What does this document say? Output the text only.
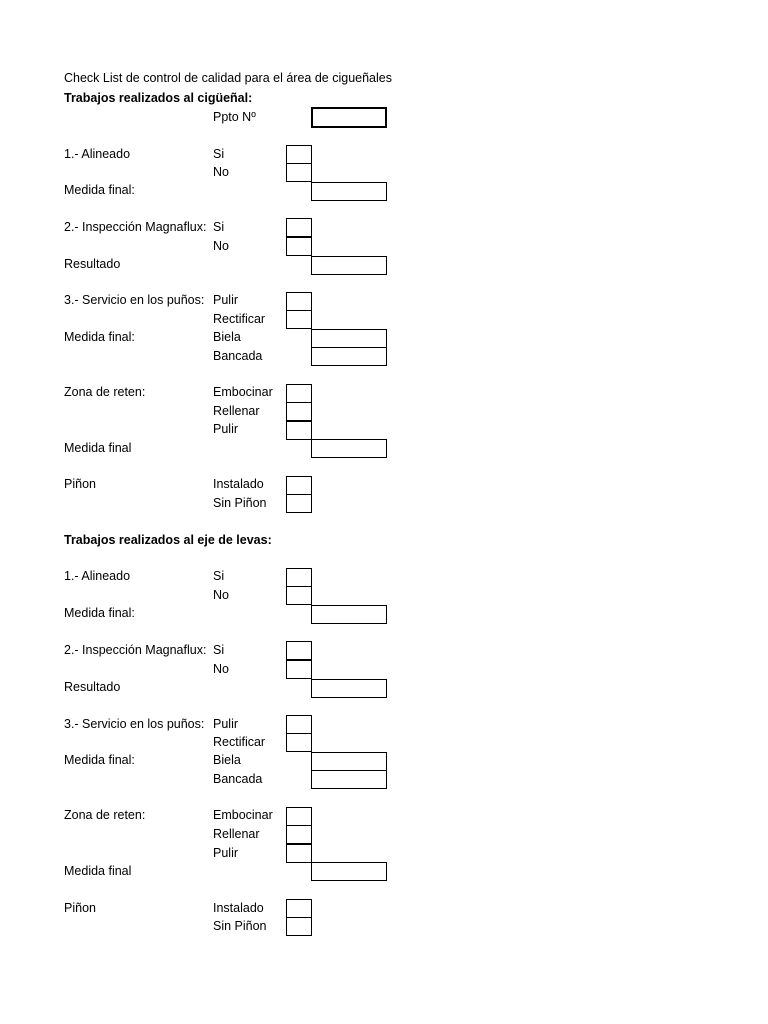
Check List de control de calidad para el área de cigueñales
Ppto Nº
Trabajos realizados al cigüeñal:
1.- Alineado	Si
No
Medida final:
2.- Inspección Magnaflux: Si
No
Resultado
3.- Servicio en los puños: Pulir
Rectificar
Medida final:	Biela
Bancada
Zona de reten:	Embocinar
Rellenar
Pulir
Medida final
Piñon	Instalado
Sin Piñon
Trabajos realizados al eje de levas:
1.- Alineado	Si
No
Medida final:
2.- Inspección Magnaflux: Si
No
Resultado
3.- Servicio en los puños: Pulir
Rectificar
Medida final:	Biela
Bancada
Zona de reten:	Embocinar
Rellenar
Pulir
Medida final
Piñon	Instalado
Sin Piñon
